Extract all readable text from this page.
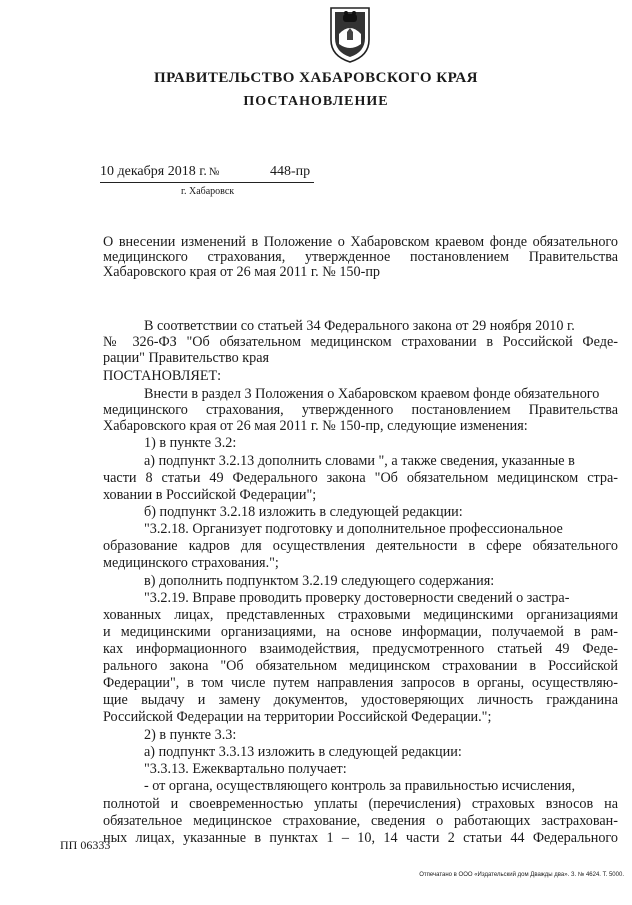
ПРАВИТЕЛЬСТВО ХАБАРОВСКОГО КРАЯ
ПОСТАНОВЛЕНИЕ
10 декабря 2018 г. №	448-пр
г. Хабаровск
О внесении изменений в Положение о Хабаровском краевом фонде обязательного медицинского страхования, утвержденное постановлением Правительства Хабаровского края от 26 мая 2011 г. № 150-пр
В соответствии со статьей 34 Федерального закона от 29 ноября 2010 г.
№ 326-ФЗ "Об обязательном медицинском страховании в Российской Феде-
рации" Правительство края
ПОСТАНОВЛЯЕТ:
Внести в раздел 3 Положения о Хабаровском краевом фонде обязательного
медицинского страхования, утвержденного постановлением Правительства
Хабаровского края от 26 мая 2011 г. № 150-пр, следующие изменения:
1) в пункте 3.2:
а) подпункт 3.2.13 дополнить словами ", а также сведения, указанные в
части 8 статьи 49 Федерального закона "Об обязательном медицинском стра-
ховании в Российской Федерации";
б) подпункт 3.2.18 изложить в следующей редакции:
"3.2.18. Организует подготовку и дополнительное профессиональное
образование кадров для осуществления деятельности в сфере обязательного
медицинского страхования.";
в) дополнить подпунктом 3.2.19 следующего содержания:
"3.2.19. Вправе проводить проверку достоверности сведений о застра-
хованных лицах, представленных страховыми медицинскими организациями
и медицинскими организациями, на основе информации, получаемой в рам-
ках информационного взаимодействия, предусмотренного статьей 49 Феде-
рального закона "Об обязательном медицинском страховании в Российской
Федерации", в том числе путем направления запросов в органы, осуществляю-
щие выдачу и замену документов, удостоверяющих личность гражданина
Российской Федерации на территории Российской Федерации.";
2) в пункте 3.3:
а) подпункт 3.3.13 изложить в следующей редакции:
"3.3.13. Ежеквартально получает:
- от органа, осуществляющего контроль за правильностью исчисления,
полнотой и своевременностью уплаты (перечисления) страховых взносов на
обязательное медицинское страхование, сведения о работающих застрахован-
ных лицах, указанные в пунктах 1 – 10, 14 части 2 статьи 44 Федерального
ПП 06333
Отпечатано в ООО «Издательский дом Дважды два». З. № 4624. Т. 5000.
